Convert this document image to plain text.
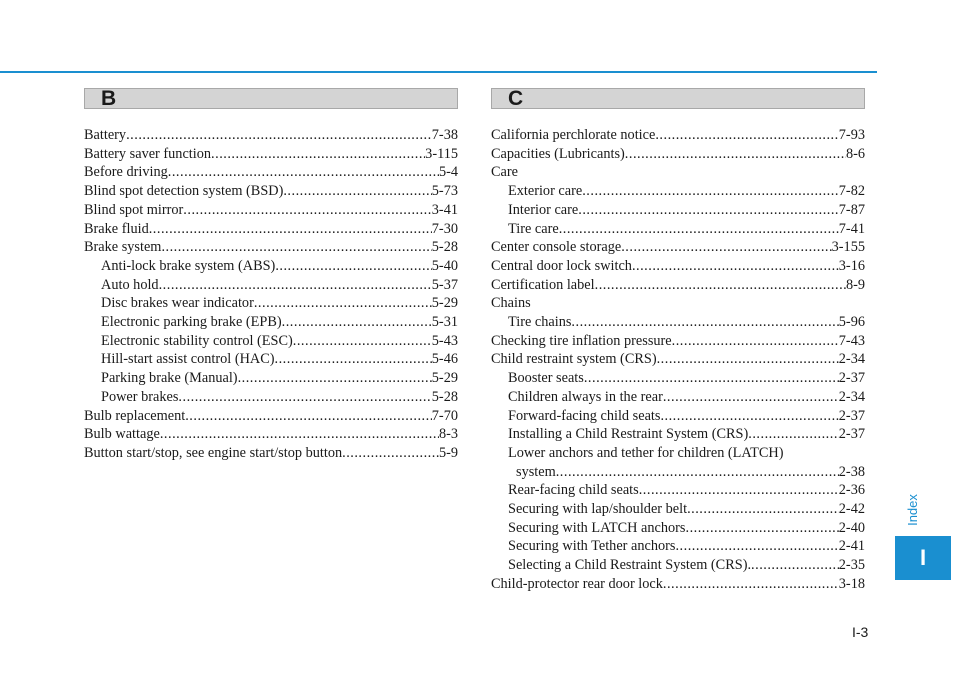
B	C
Battery .....	7-38
Battery saver function .....	3-115
Before driving .....	5-4
Blind spot detection system (BSD) .....	5-73
Blind spot mirror .....	3-41
Brake fluid .....	7-30
Brake system .....	5-28
Anti-lock brake system (ABS) .....	5-40
Auto hold .....	5-37
Disc brakes wear indicator .....	5-29
Electronic parking brake (EPB) .....	5-31
Electronic stability control (ESC) .....	5-43
Hill-start assist control (HAC) .....	5-46
Parking brake (Manual) .....	5-29
Power brakes .....	5-28
Bulb replacement .....	7-70
Bulb wattage .....	8-3
Button start/stop, see engine start/stop button .....	5-9
California perchlorate notice .....	7-93
Capacities (Lubricants) .....	8-6
Care
Exterior care .....	7-82
Interior care .....	7-87
Tire care .....	7-41
Center console storage .....	3-155
Central door lock switch .....	3-16
Certification label .....	8-9
Chains
Tire chains .....	5-96
Checking tire inflation pressure .....	7-43
Child restraint system (CRS) .....	2-34
Booster seats .....	2-37
Children always in the rear .....	2-34
Forward-facing child seats .....	2-37
Installing a Child Restraint System (CRS) .....	2-37
Lower anchors and tether for children (LATCH)
system .....	2-38
Rear-facing child seats .....	2-36
Securing with lap/shoulder belt .....	2-42
Securing with LATCH anchors .....	2-40
Securing with Tether anchors .....	2-41
Selecting a Child Restraint System (CRS). .....	2-35
Child-protector rear door lock .....	3-18
Index
I
I-3
